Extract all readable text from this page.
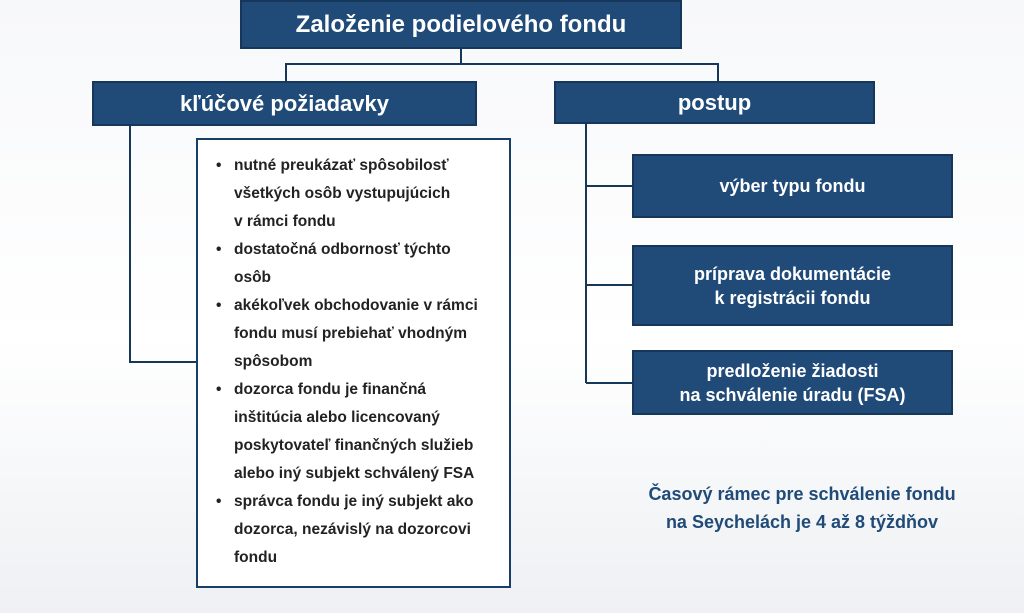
Založenie podielového fondu
kľúčové požiadavky	postup
• nutné preukázať spôsobilosť
všetkých osôb vystupujúcich
v rámci fondu
• dostatočná odbornosť týchto
osôb
• akékoľvek obchodovanie v rámci
fondu musí prebiehať vhodným
spôsobom
• dozorca fondu je finančná
inštitúcia alebo licencovaný
poskytovateľ finančných služieb
alebo iný subjekt schválený FSA
• správca fondu je iný subjekt ako
dozorca, nezávislý na dozorcovi
fondu
výber typu fondu
príprava dokumentácie
k registrácii fondu
predloženie žiadosti
na schválenie úradu (FSA)
Časový rámec pre schválenie fondu
na Seychelách je 4 až 8 týždňov
